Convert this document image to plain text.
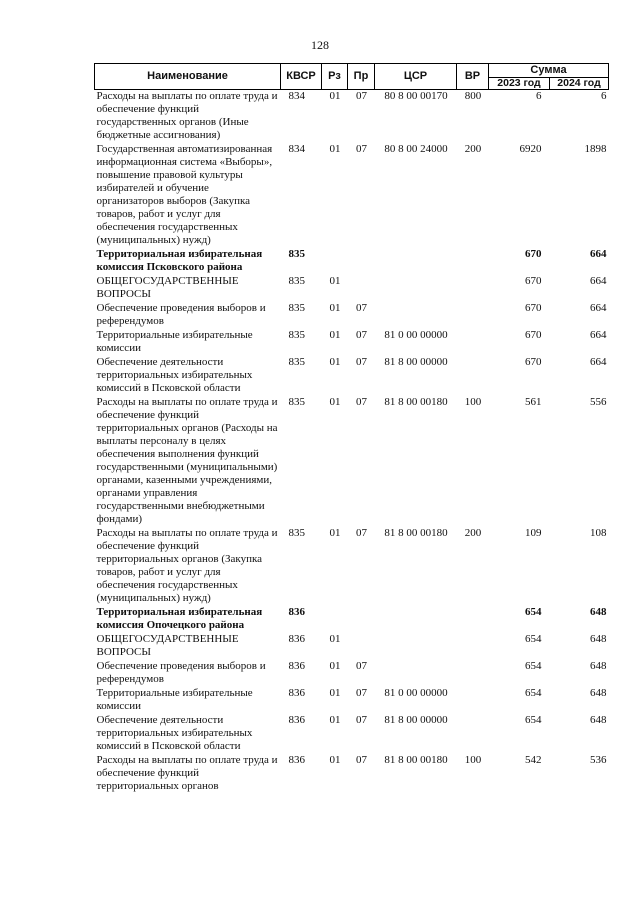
128
Наименование	КВСР	Рз	Пр	ЦСР	ВР	Сумма	
						2023 год	2024 год
Расходы на выплаты по оплате труда и обеспечение функций государственных органов (Иные бюджетные ассигнования)	834	01	07	80 8 00 00170	800	6	6
Государственная автоматизированная информационная система «Выборы», повышение правовой культуры избирателей и обучение организаторов выборов (Закупка товаров, работ и услуг для обеспечения государственных (муниципальных) нужд)	834	01	07	80 8 00 24000	200	6920	1898
Территориальная избирательная комиссия Псковского района	835					670	664
ОБЩЕГОСУДАРСТВЕННЫЕ ВОПРОСЫ	835	01				670	664
Обеспечение проведения выборов и референдумов	835	01	07			670	664
Территориальные избирательные комиссии	835	01	07	81 0 00 00000		670	664
Обеспечение деятельности территориальных избирательных комиссий в Псковской области	835	01	07	81 8 00 00000		670	664
Расходы на выплаты по оплате труда и обеспечение функций территориальных органов (Расходы на выплаты персоналу в целях обеспечения выполнения функций государственными (муниципальными) органами, казенными учреждениями, органами управления государственными внебюджетными фондами)	835	01	07	81 8 00 00180	100	561	556
Расходы на выплаты по оплате труда и обеспечение функций территориальных органов (Закупка товаров, работ и услуг для обеспечения государственных (муниципальных) нужд)	835	01	07	81 8 00 00180	200	109	108
Территориальная избирательная комиссия Опочецкого района	836					654	648
ОБЩЕГОСУДАРСТВЕННЫЕ ВОПРОСЫ	836	01				654	648
Обеспечение проведения выборов и референдумов	836	01	07			654	648
Территориальные избирательные комиссии	836	01	07	81 0 00 00000		654	648
Обеспечение деятельности территориальных избирательных комиссий в Псковской области	836	01	07	81 8 00 00000		654	648
Расходы на выплаты по оплате труда и обеспечение функций территориальных органов	836	01	07	81 8 00 00180	100	542	536
